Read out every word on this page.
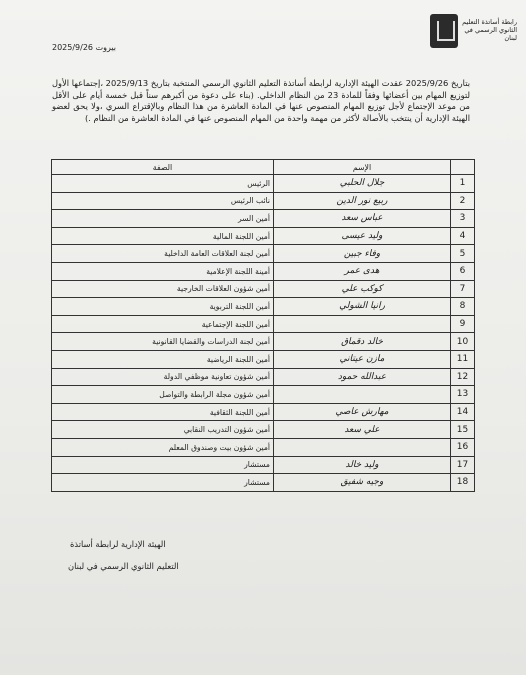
رابطة أساتذة التعليم الثانوي الرسمي في لبنان
بيروت 2025/9/26
بتاريخ 2025/9/26 عقدت الهيئة الإدارية لرابطة أساتذة التعليم الثانوي الرسمي المنتخبة بتاريخ 2025/9/13 ،إجتماعها الأول لتوزيع المهام بين أعضائها وفقاً للمادة 23 من النظام الداخلي. (بناء على دعوة من أكبرهم سناً قبل خمسة أيام على الأقل من موعد الإجتماع لأجل توزيع المهام المنصوص عنها في المادة العاشرة من هذا النظام وبالإقتراع السري ،ولا يحق لعضو الهيئة الإدارية أن ينتخب بالأصالة لأكثر من مهمة واحدة من المهام المنصوص عنها في المادة العاشرة من النظام .)
	الإسم	الصفة
1	جلال الحلبي	الرئيس
2	ربيع نور الدين	نائب الرئيس
3	عباس سعد	أمين السر
4	وليد عيسى	أمين اللجنة المالية
5	وفاء جبين	أمين لجنة العلاقات العامة الداخلية
6	هدى عمر	أمينة اللجنة الإعلامية
7	كوكب علي	أمين شؤون العلاقات الخارجية
8	رانيا الشولي	أمين اللجنة التربوية
9		أمين اللجنة الإجتماعية
10	خالد دقماق	أمين لجنة الدراسات والقضايا القانونية
11	مازن عيتاني	أمين اللجنة الرياضية
12	عبدالله حمود	أمين شؤون تعاونية موظفي الدولة
13		أمين شؤون مجلة الرابطة والتواصل
14	مهارش عاصي	أمين اللجنة الثقافية
15	علي سعد	أمين شؤون التدريب النقابي
16		أمين شؤون بيت وصندوق المعلم
17	وليد خالد	مستشار
18	وجيه شفيق	مستشار
الهيئة الإدارية لرابطة أساتذة
التعليم الثانوي الرسمي في لبنان
